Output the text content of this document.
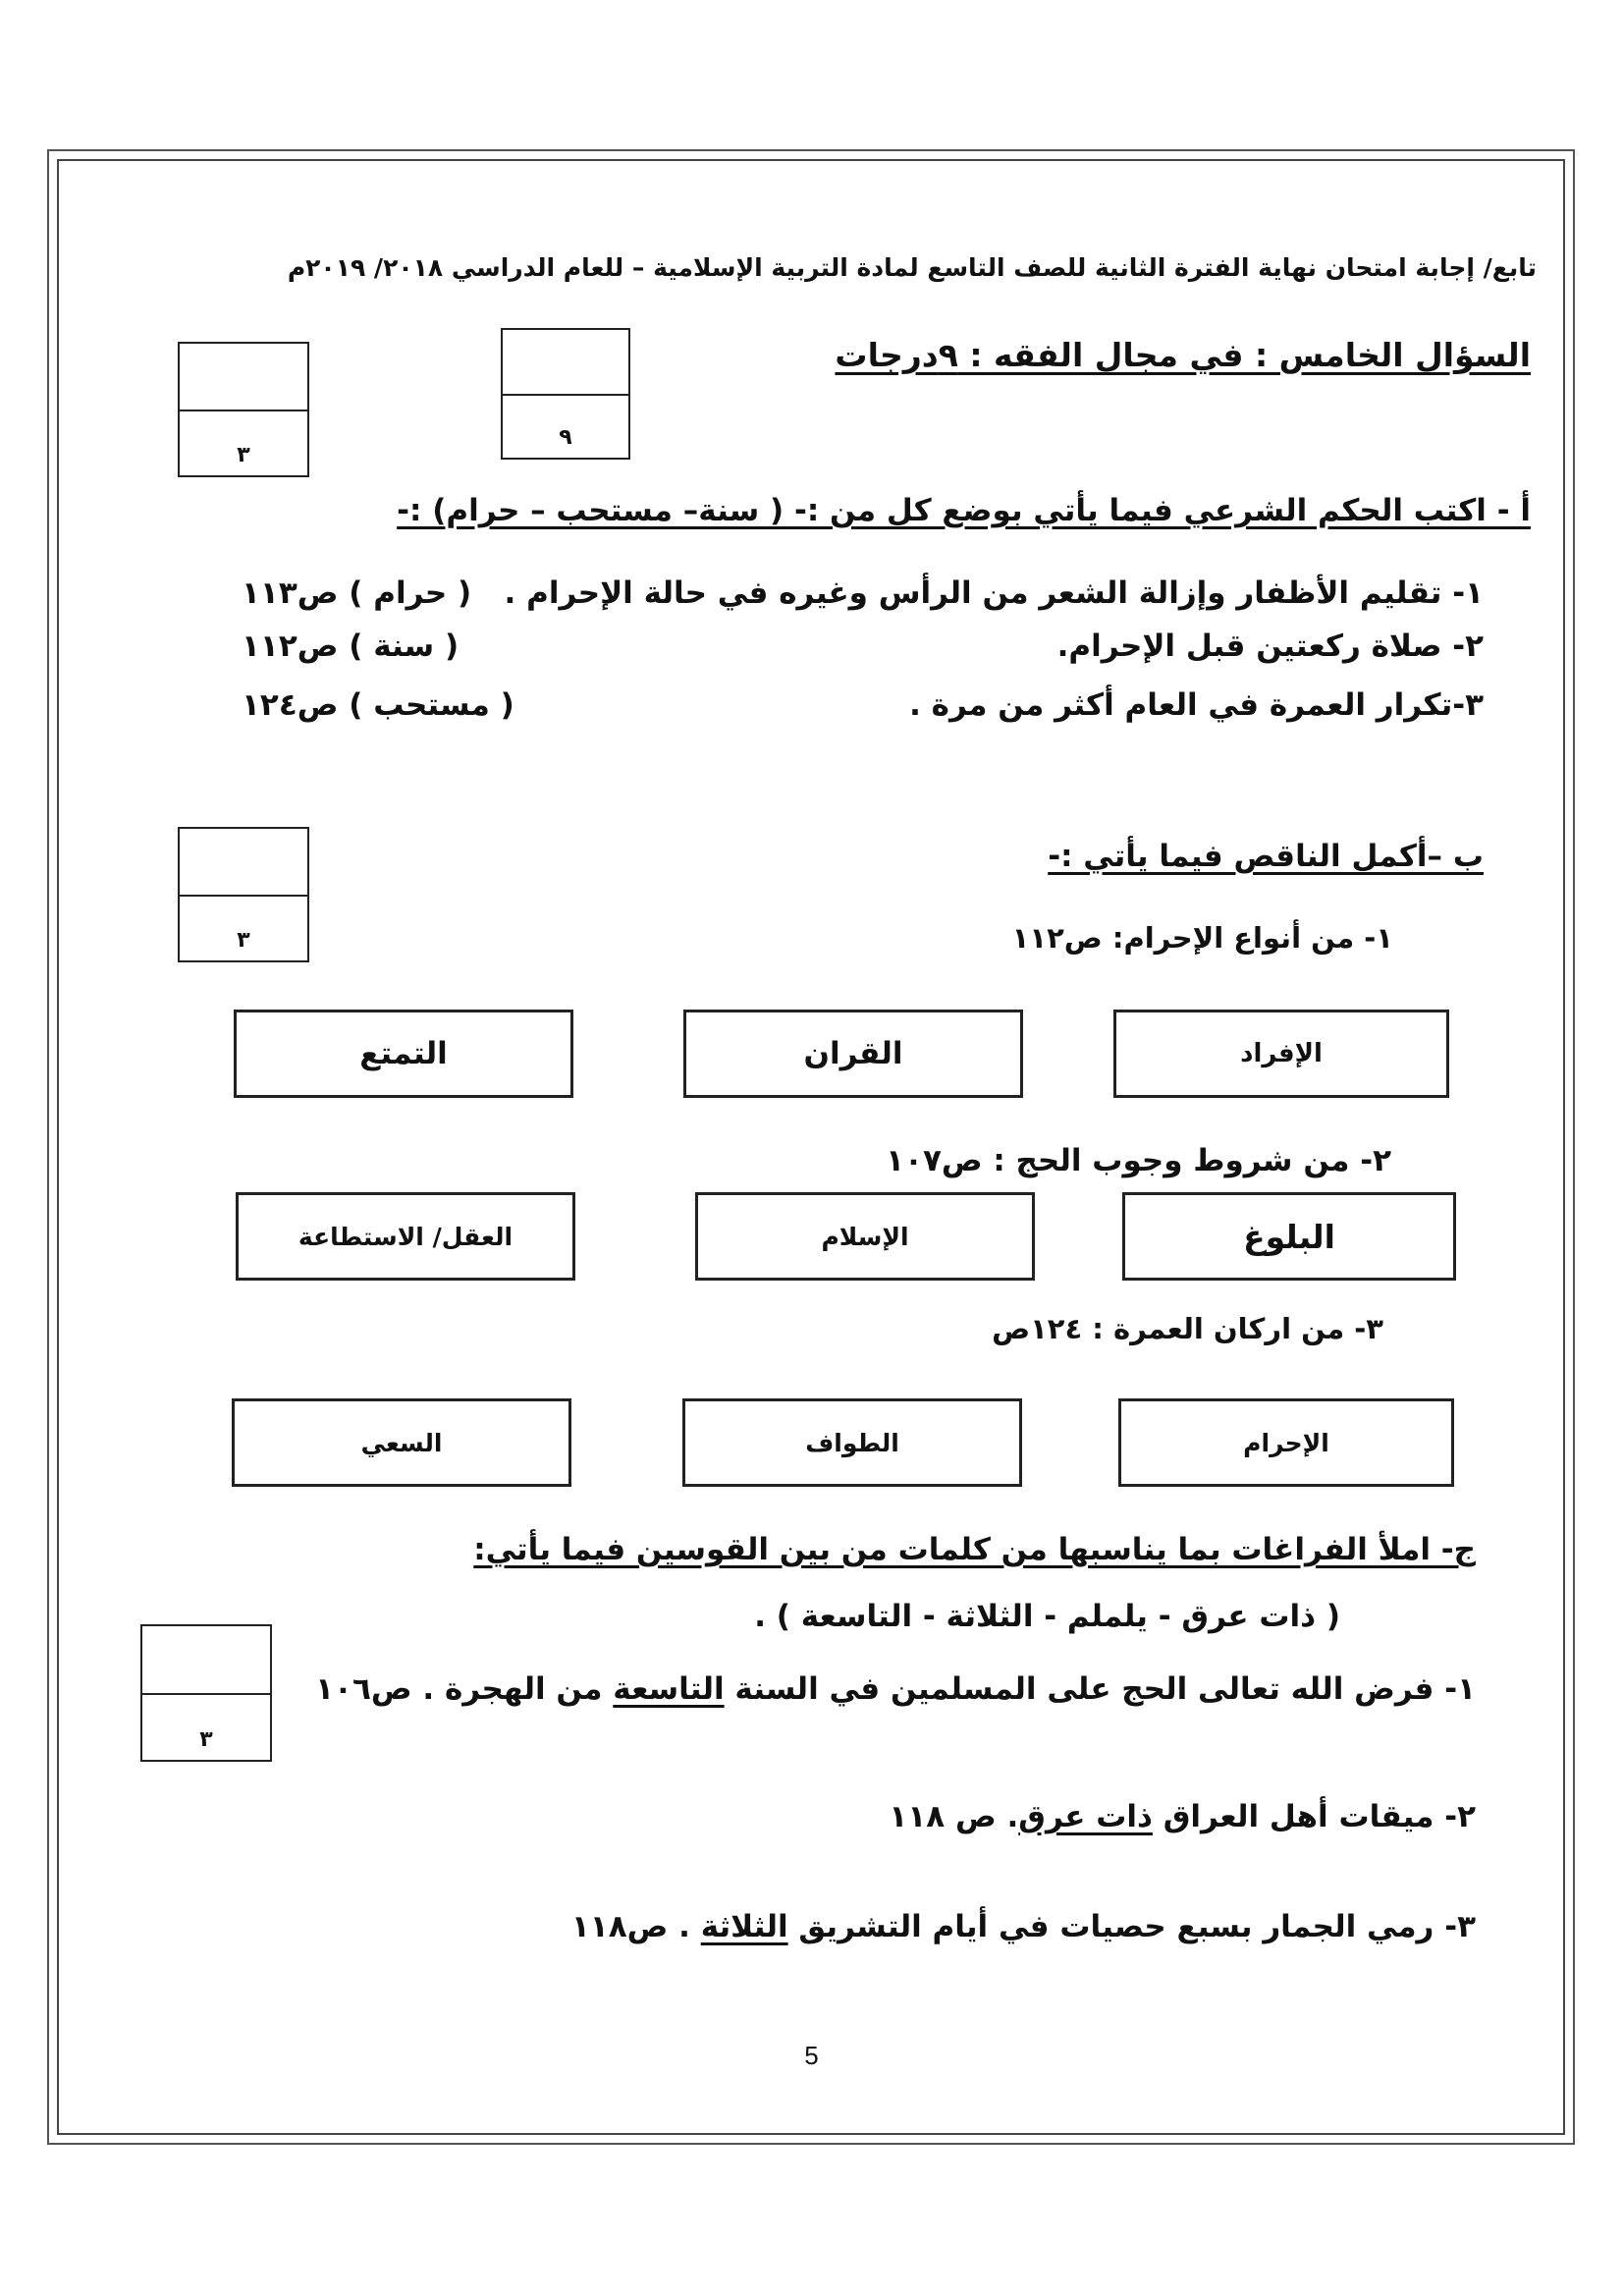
تابع/ إجابة امتحان نهاية الفترة الثانية للصف التاسع لمادة التربية الإسلامية – للعام الدراسي ٢٠١٨/ ٢٠١٩م
السؤال الخامس : في مجال الفقه : ٩درجات
٩
٣
أ - اكتب الحكم الشرعي فيما يأتي بوضع كل من :- ( سنة– مستحب – حرام) :-
١- تقليم الأظفار وإزالة الشعر من الرأس وغيره في حالة الإحرام .
( حرام ) ص١١٣
٢- صلاة ركعتين قبل الإحرام.
( سنة ) ص١١٢
٣-تكرار العمرة في العام أكثر من مرة .
( مستحب ) ص١٢٤
٣
ب –أكمل الناقص فيما يأتي :-
١- من أنواع الإحرام: ص١١٢
الإفراد
القران
التمتع
٢- من شروط وجوب الحج : ص١٠٧
البلوغ
الإسلام
العقل/ الاستطاعة
٣- من اركان العمرة : ١٢٤ص
الإحرام
الطواف
السعي
ج- املأ الفراغات بما يناسبها من كلمات من بين القوسين فيما يأتي:
( ذات عرق - يلملم - الثلاثة - التاسعة ) .
٣
١- فرض الله تعالى الحج على المسلمين في السنة التاسعة من الهجرة . ص١٠٦
٢- ميقات أهل العراق ذات عرق. ص ١١٨
٣- رمي الجمار بسبع حصيات في أيام التشريق الثلاثة . ص١١٨
5
